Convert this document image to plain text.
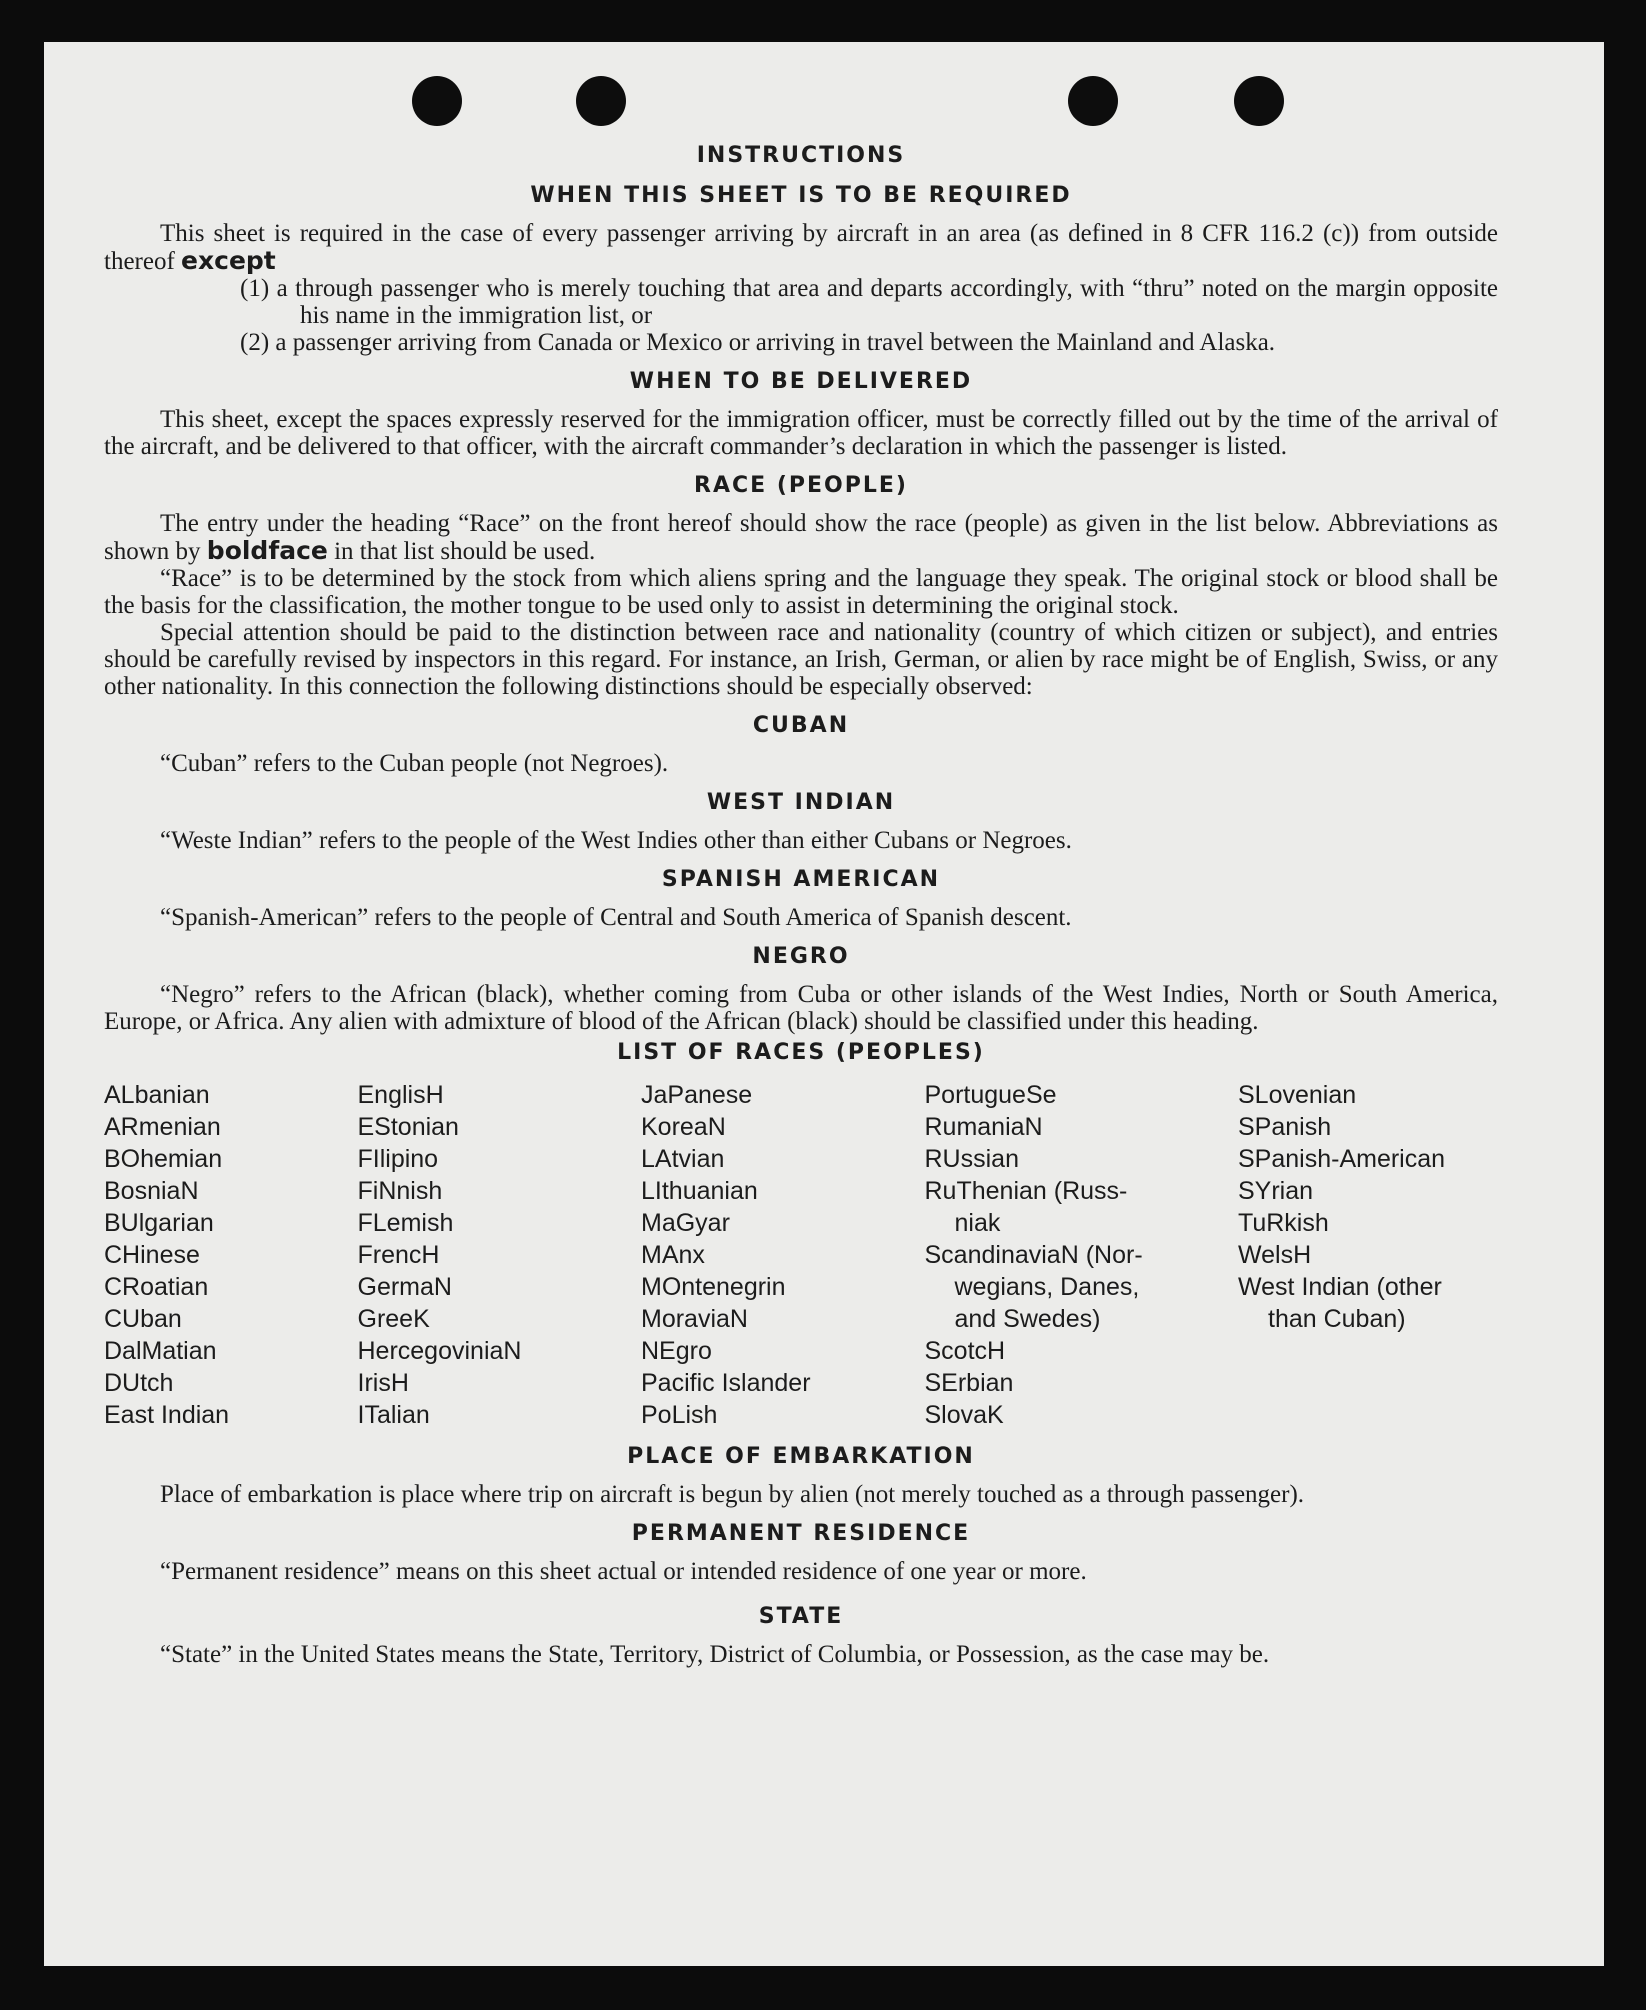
INSTRUCTIONS
WHEN THIS SHEET IS TO BE REQUIRED

This sheet is required in the case of every passenger arriving by aircraft in an area (as defined in 8 CFR 116.2 (c)) from outside thereof except

(1) a through passenger who is merely touching that area and departs accordingly, with “thru” noted on the margin opposite his name in the immigration list, or

(2) a passenger arriving from Canada or Mexico or arriving in travel between the Mainland and Alaska.

WHEN TO BE DELIVERED

This sheet, except the spaces expressly reserved for the immigration officer, must be correctly filled out by the time of the arrival of the aircraft, and be delivered to that officer, with the aircraft commander’s declaration in which the passenger is listed.

RACE (PEOPLE)

The entry under the heading “Race” on the front hereof should show the race (people) as given in the list below. Abbreviations as shown by boldface in that list should be used.

“Race” is to be determined by the stock from which aliens spring and the language they speak. The original stock or blood shall be the basis for the classification, the mother tongue to be used only to assist in determining the original stock.

Special attention should be paid to the distinction between race and nationality (country of which citizen or subject), and entries should be carefully revised by inspectors in this regard. For instance, an Irish, German, or alien by race might be of English, Swiss, or any other nationality. In this connection the following distinctions should be especially observed:

CUBAN

“Cuban” refers to the Cuban people (not Negroes).

WEST INDIAN

“Weste Indian” refers to the people of the West Indies other than either Cubans or Negroes.

SPANISH AMERICAN

“Spanish-American” refers to the people of Central and South America of Spanish descent.

NEGRO

“Negro” refers to the African (black), whether coming from Cuba or other islands of the West Indies, North or South America, Europe, or Africa. Any alien with admixture of blood of the African (black) should be classified under this heading.

LIST OF RACES (PEOPLES)
ALbanian
ARmenian
BOhemian
BosniaN
BUlgarian
CHinese
CRoatian
CUban
DalMatian
DUtch
East Indian
EnglisH
EStonian
FIlipino
FiNnish
FLemish
FrencH
GermaN
GreeK
HercegoviniaN
IrisH
ITalian
JaPanese
KoreaN
LAtvian
LIthuanian
MaGyar
MAnx
MOntenegrin
MoraviaN
NEgro
Pacific Islander
PoLish
PortugueSe
RumaniaN
RUssian
RuThenian (Russ-
niak
ScandinaviaN (Nor-
wegians, Danes,
and Swedes)
ScotcH
SErbian
SlovaK
SLovenian
SPanish
SPanish-American
SYrian
TuRkish
WelsH
West Indian (other
than Cuban)
PLACE OF EMBARKATION

Place of embarkation is place where trip on aircraft is begun by alien (not merely touched as a through passenger).

PERMANENT RESIDENCE

“Permanent residence” means on this sheet actual or intended residence of one year or more.

STATE

“State” in the United States means the State, Territory, District of Columbia, or Possession, as the case may be.
